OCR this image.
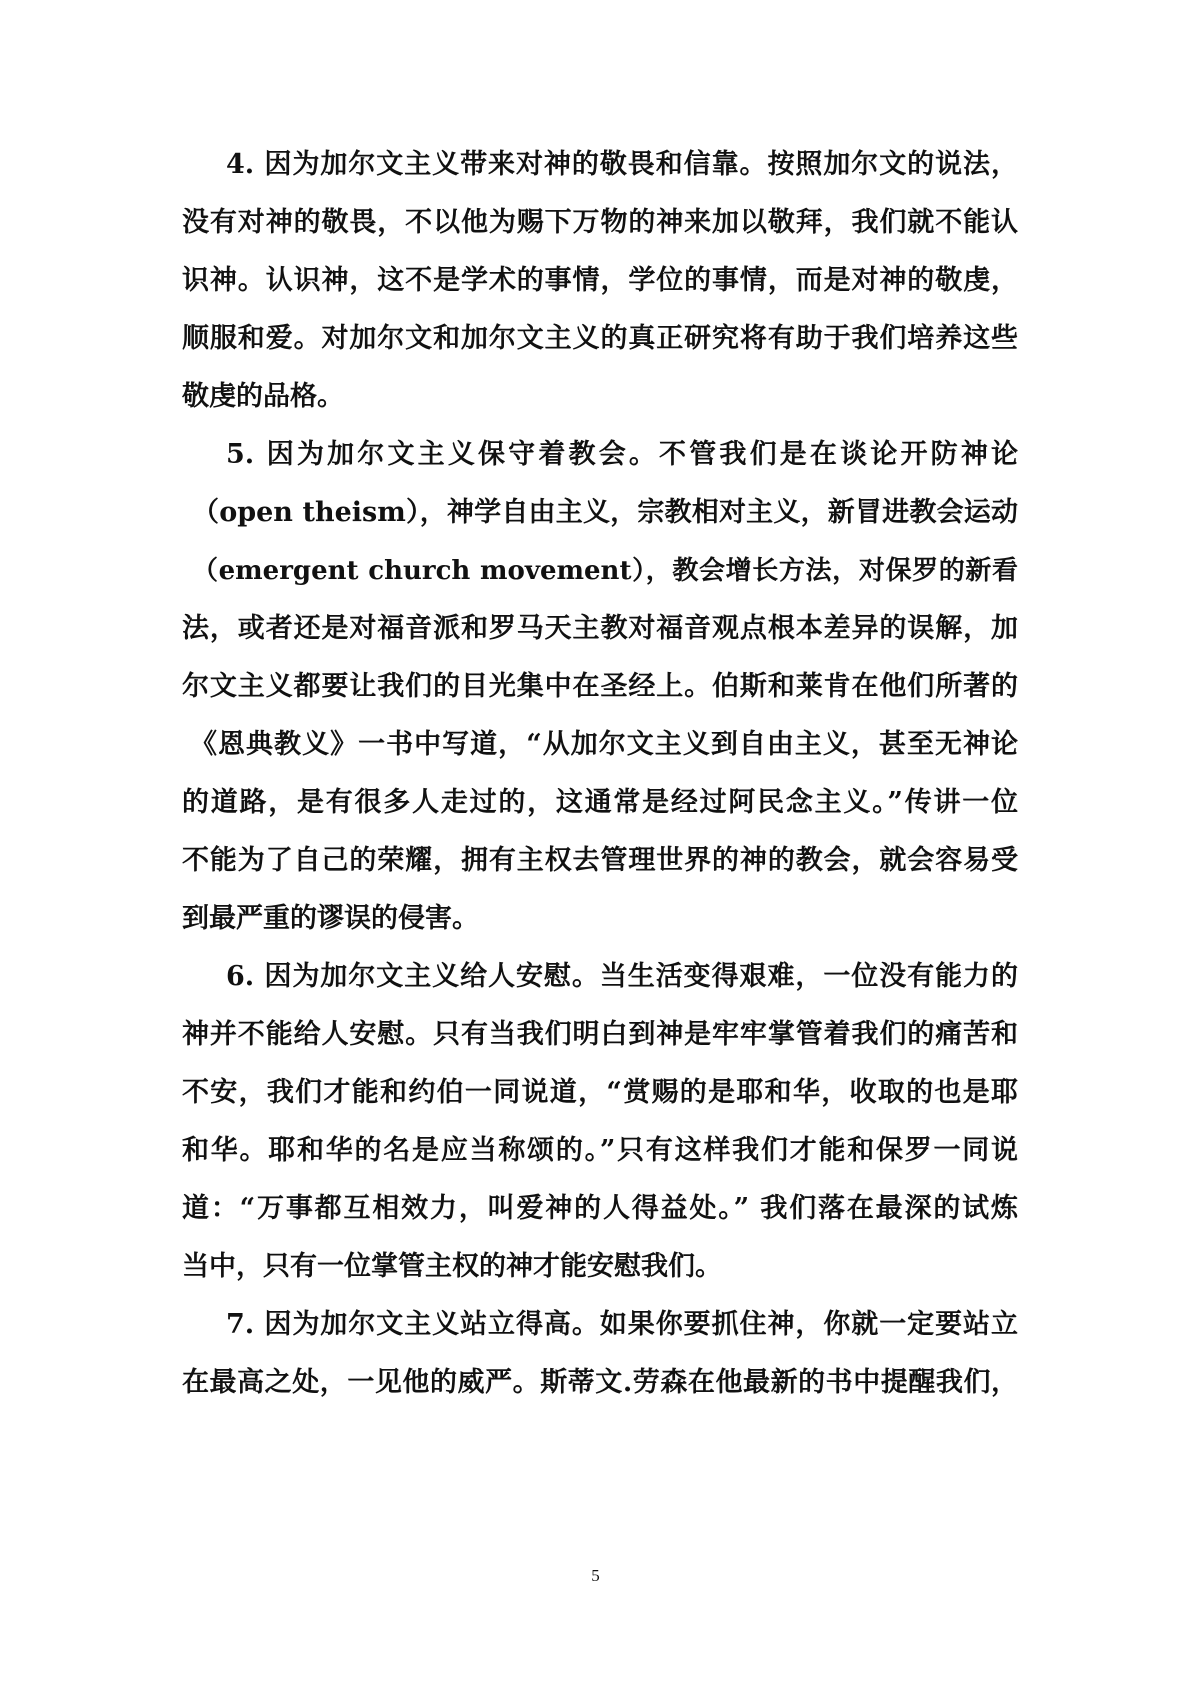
4. 因为加尔文主义带来对神的敬畏和信靠。按照加尔文的说法，
没有对神的敬畏，不以他为赐下万物的神来加以敬拜，我们就不能认
识神。认识神，这不是学术的事情，学位的事情，而是对神的敬虔，
顺服和爱。对加尔文和加尔文主义的真正研究将有助于我们培养这些
敬虔的品格。
5. 因为加尔文主义保守着教会。不管我们是在谈论开防神论
（open theism），神学自由主义，宗教相对主义，新冒进教会运动
（emergent church movement），教会增长方法，对保罗的新看
法，或者还是对福音派和罗马天主教对福音观点根本差异的误解，加
尔文主义都要让我们的目光集中在圣经上。伯斯和莱肯在他们所著的
《恩典教义》一书中写道，“从加尔文主义到自由主义，甚至无神论
的道路，是有很多人走过的，这通常是经过阿民念主义。”传讲一位
不能为了自己的荣耀，拥有主权去管理世界的神的教会，就会容易受
到最严重的谬误的侵害。
6. 因为加尔文主义给人安慰。当生活变得艰难，一位没有能力的
神并不能给人安慰。只有当我们明白到神是牢牢掌管着我们的痛苦和
不安，我们才能和约伯一同说道，“赏赐的是耶和华，收取的也是耶
和华。耶和华的名是应当称颂的。”只有这样我们才能和保罗一同说
道：“万事都互相效力，叫爱神的人得益处。” 我们落在最深的试炼
当中，只有一位掌管主权的神才能安慰我们。
7. 因为加尔文主义站立得高。如果你要抓住神，你就一定要站立
在最高之处，一见他的威严。斯蒂文.劳森在他最新的书中提醒我们，
5
